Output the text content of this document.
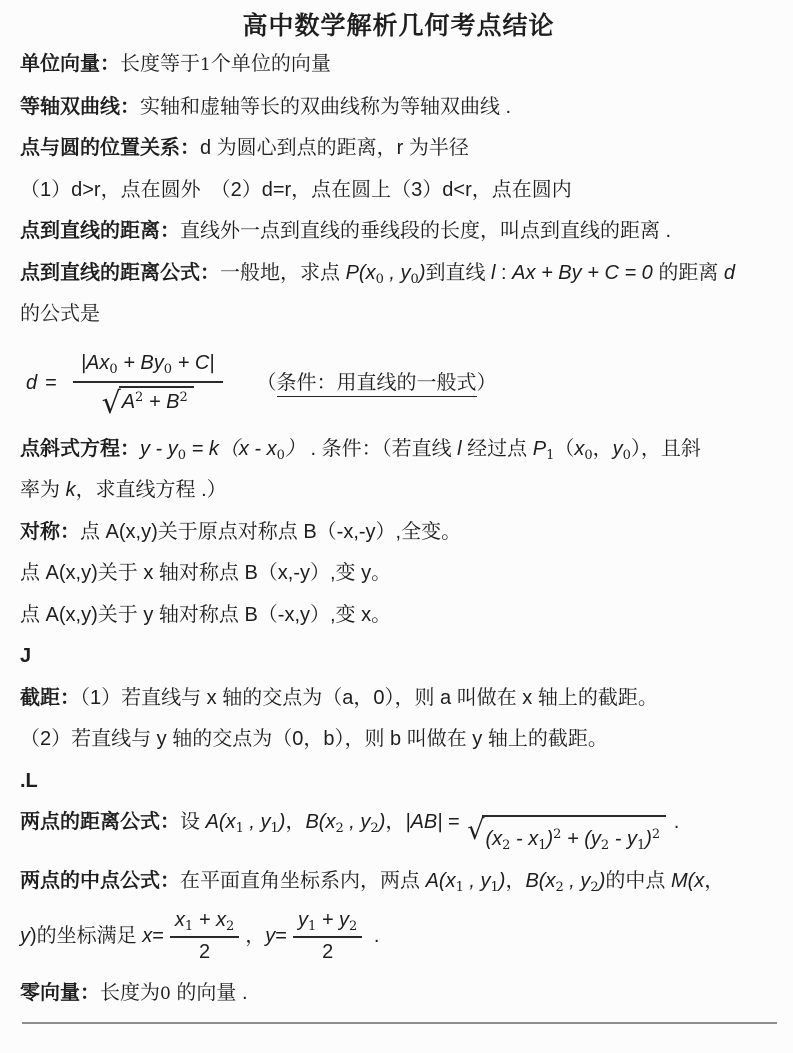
高中数学解析几何考点结论

单位向量：长度等于1个单位的向量

等轴双曲线：实轴和虚轴等长的双曲线称为等轴双曲线 .

点与圆的位置关系：d 为圆心到点的距离，r 为半径

（1）d>r，点在圆外　（2）d=r，点在圆上（3）d<r，点在圆内

点到直线的距离：直线外一点到直线的垂线段的长度，叫点到直线的距离 .

点到直线的距离公式：一般地，求点 $P(x_0$ , $y_0$)到直线 l : Ax + By + C = 0 的距离 d

的公式是

$d = \frac{|Ax_0 + By_0 + C|}{√ A^2 + B^2}$ （条件：用直线的一般式）

点斜式方程：$y - y_0 = k(x - x_0)$ . 条件：（若直线 l 经过点 $P_1(x_0$，$y_0$），且斜

率为 k，求直线方程 .）

对称：点 A(x,y)关于原点对称点 B（-x,-y）,全变。

点 A(x,y)关于 x 轴对称点 B（x,-y）,变 y。

点 A(x,y)关于 y 轴对称点 B（-x,y）,变 x。

J

截距：（1）若直线与 x 轴的交点为（a，0），则 a 叫做在 x 轴上的截距。

（2）若直线与 y 轴的交点为（0，b），则 b 叫做在 y 轴上的截距。

.L

两点的距离公式：设 $A(x_1$ , $y_1$)，$B(x_2$ , $y_2$)，|AB| = √ $(x_2 - x_1)^2 + (y_2 - y_1)^2$
.

两点的中点公式：在平面直角坐标系内，两点 $A(x_1$ , $y_1$)，$B(x_2$ , $y_2$)的中点 M(x，

y)的坐标满足 $x= \frac{x_1 + x_2}{2}$ ，$y= \frac{y_1 + y_2}{2}$ .

零向量：长度为0 的向量 .
